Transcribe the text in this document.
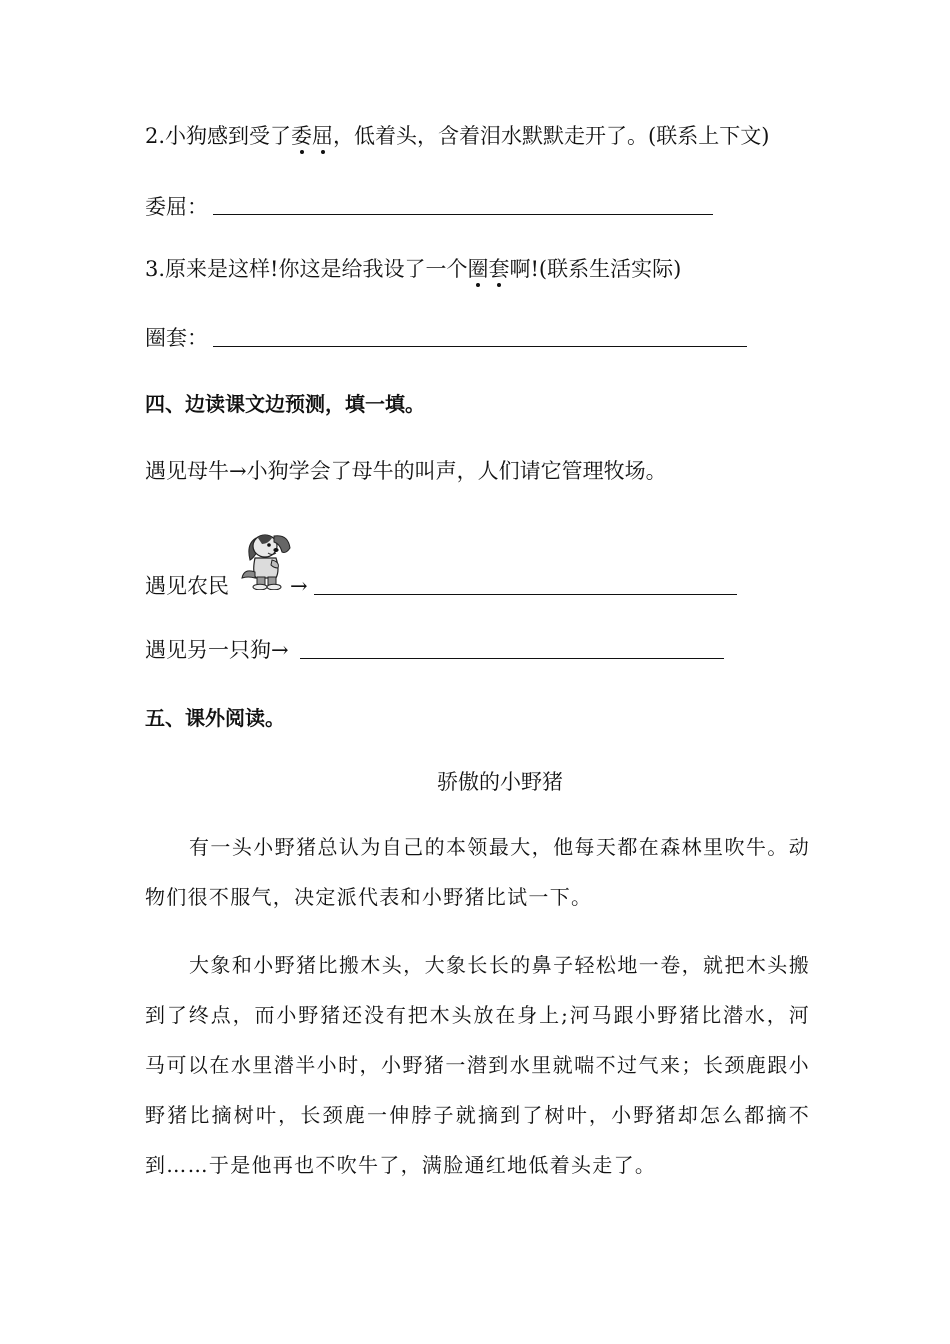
2.小狗感到受了委屈，低着头，含着泪水默默走开了。(联系上下文)
委屈：
3.原来是这样!你这是给我设了一个圈套啊!(联系生活实际)
圈套：
四、边读课文边预测，填一填。
遇见母牛→小狗学会了母牛的叫声，人们请它管理牧场。
遇见农民	→
遇见另一只狗→
五、课外阅读。
骄傲的小野猪
有一头小野猪总认为自己的本领最大，他每天都在森林里吹牛。动物们很不服气，决定派代表和小野猪比试一下。
大象和小野猪比搬木头，大象长长的鼻子轻松地一卷，就把木头搬到了终点，而小野猪还没有把木头放在身上;河马跟小野猪比潜水，河马可以在水里潜半小时，小野猪一潜到水里就喘不过气来；长颈鹿跟小野猪比摘树叶，长颈鹿一伸脖子就摘到了树叶，小野猪却怎么都摘不到……于是他再也不吹牛了，满脸通红地低着头走了。
